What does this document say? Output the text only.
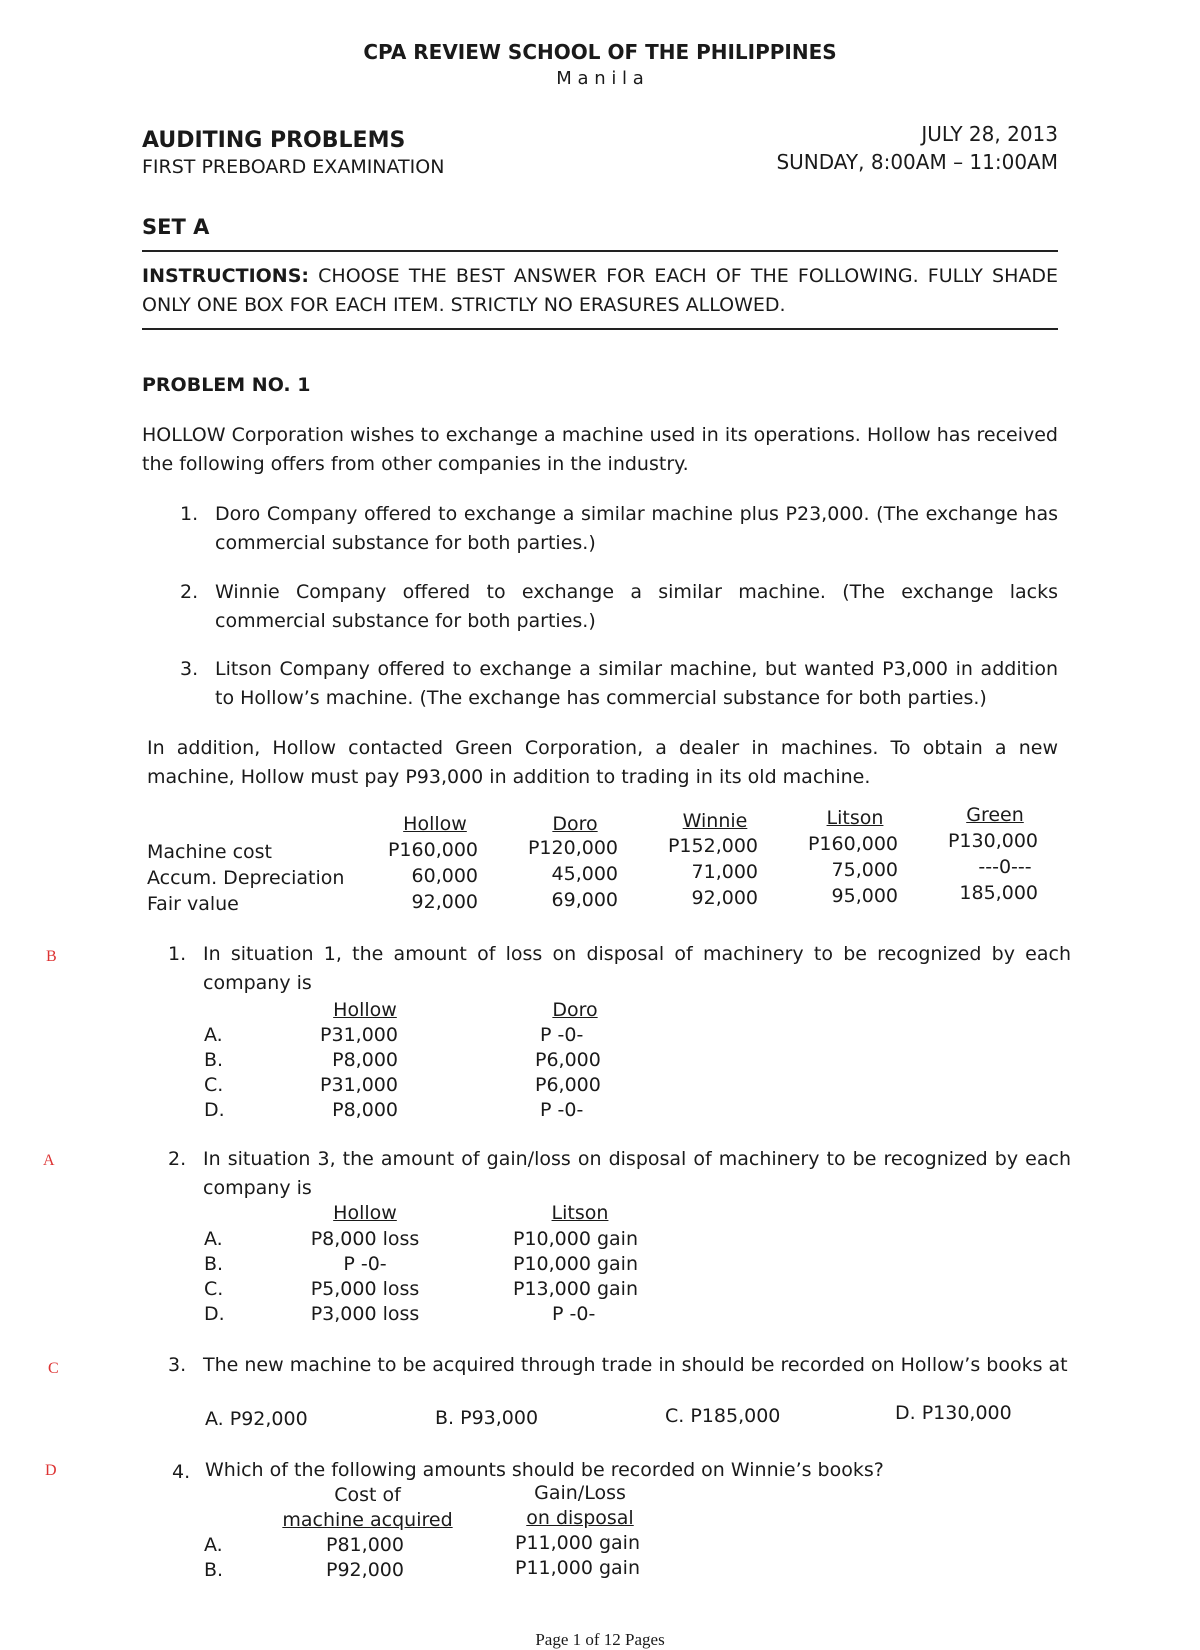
CPA REVIEW SCHOOL OF THE PHILIPPINES
M a n i l a
AUDITING PROBLEMS
FIRST PREBOARD EXAMINATION
JULY 28, 2013
SUNDAY, 8:00AM – 11:00AM
SET A
INSTRUCTIONS: CHOOSE THE BEST ANSWER FOR EACH OF THE FOLLOWING. FULLY SHADE ONLY ONE BOX FOR EACH ITEM. STRICTLY NO ERASURES ALLOWED.
PROBLEM NO. 1
HOLLOW Corporation wishes to exchange a machine used in its operations. Hollow has received the following offers from other companies in the industry.
1. Doro Company offered to exchange a similar machine plus P23,000. (The exchange has commercial substance for both parties.)
2. Winnie Company offered to exchange a similar machine. (The exchange lacks commercial substance for both parties.)
3. Litson Company offered to exchange a similar machine, but wanted P3,000 in addition to Hollow’s machine. (The exchange has commercial substance for both parties.)
In addition, Hollow contacted Green Corporation, a dealer in machines. To obtain a new machine, Hollow must pay P93,000 in addition to trading in its old machine.
Hollow	Doro	Winnie	Litson	Green
Machine cost	P160,000	P120,000	P152,000	P160,000	P130,000
Accum. Depreciation	60,000	45,000	71,000	75,000	---0---
Fair value	92,000	69,000	92,000	95,000	185,000
B	1. In situation 1, the amount of loss on disposal of machinery to be recognized by each company is
Hollow	Doro
A.	P31,000	P -0-
B.	P8,000	P6,000
C.	P31,000	P6,000
D.	P8,000	P -0-
A	2. In situation 3, the amount of gain/loss on disposal of machinery to be recognized by each company is
Hollow	Litson
A.	P8,000 loss	P10,000 gain
B.	P -0-	P10,000 gain
C.	P5,000 loss	P13,000 gain
D.	P3,000 loss	P -0-
C	3. The new machine to be acquired through trade in should be recorded on Hollow’s books at
A. P92,000	B. P93,000	C. P185,000	D. P130,000
D	4. Which of the following amounts should be recorded on Winnie’s books?
Cost of	Gain/Loss
machine acquired	on disposal
A.	P81,000	P11,000 gain
B.	P92,000	P11,000 gain
Page 1 of 12 Pages
